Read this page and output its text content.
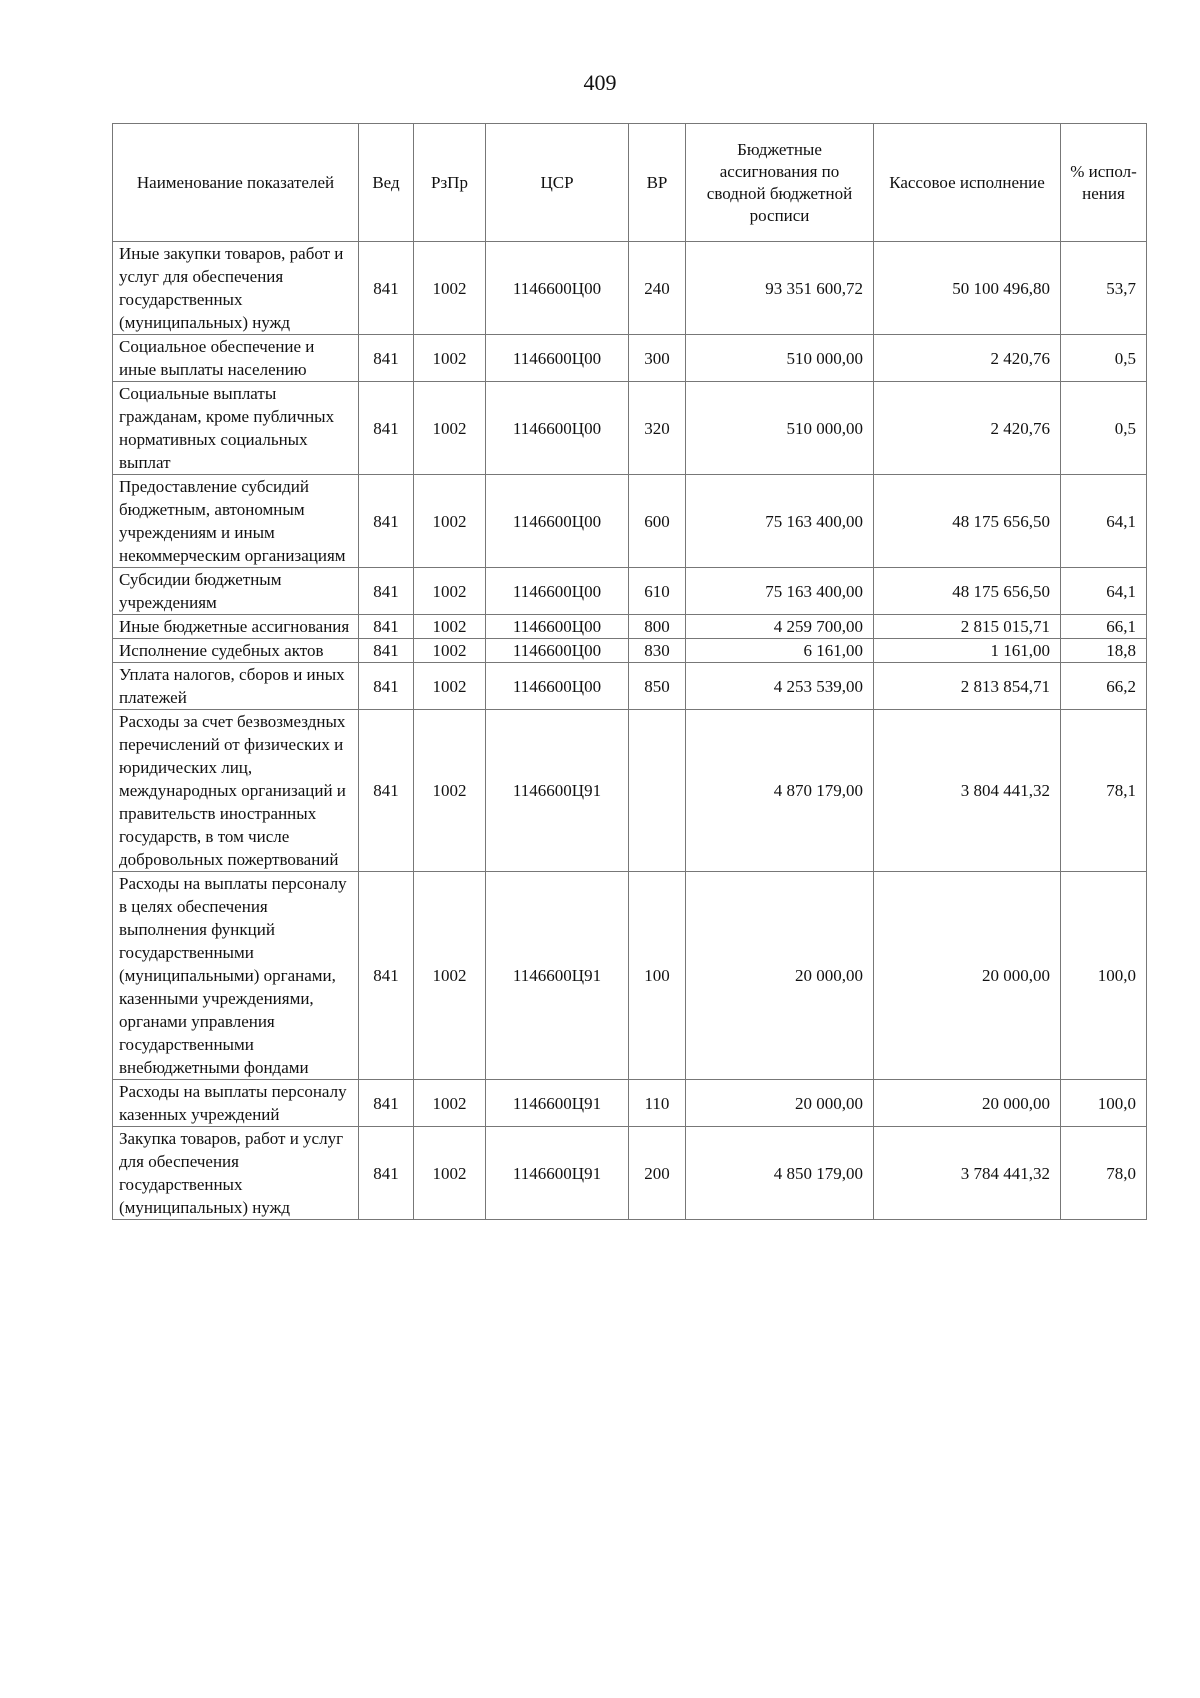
409
Наименование показателей	Вед	РзПр	ЦСР	ВР	Бюджетные ассигнования по сводной бюджетной росписи	Кассовое исполнение	% испол-нения
Иные закупки товаров, работ и услуг для обеспечения государственных (муниципальных) нужд	841	1002	1146600Ц00	240	93 351 600,72	50 100 496,80	53,7
Социальное обеспечение и иные выплаты населению	841	1002	1146600Ц00	300	510 000,00	2 420,76	0,5
Социальные выплаты гражданам, кроме публичных нормативных социальных выплат	841	1002	1146600Ц00	320	510 000,00	2 420,76	0,5
Предоставление субсидий бюджетным, автономным учреждениям и иным некоммерческим организациям	841	1002	1146600Ц00	600	75 163 400,00	48 175 656,50	64,1
Субсидии бюджетным учреждениям	841	1002	1146600Ц00	610	75 163 400,00	48 175 656,50	64,1
Иные бюджетные ассигнования	841	1002	1146600Ц00	800	4 259 700,00	2 815 015,71	66,1
Исполнение судебных актов	841	1002	1146600Ц00	830	6 161,00	1 161,00	18,8
Уплата налогов, сборов и иных платежей	841	1002	1146600Ц00	850	4 253 539,00	2 813 854,71	66,2
Расходы за счет безвозмездных перечислений от физических и юридических лиц, международных организаций и правительств иностранных государств, в том числе добровольных пожертвований	841	1002	1146600Ц91		4 870 179,00	3 804 441,32	78,1
Расходы на выплаты персоналу в целях обеспечения выполнения функций государственными (муниципальными) органами, казенными учреждениями, органами управления государственными внебюджетными фондами	841	1002	1146600Ц91	100	20 000,00	20 000,00	100,0
Расходы на выплаты персоналу казенных учреждений	841	1002	1146600Ц91	110	20 000,00	20 000,00	100,0
Закупка товаров, работ и услуг для обеспечения государственных (муниципальных) нужд	841	1002	1146600Ц91	200	4 850 179,00	3 784 441,32	78,0
